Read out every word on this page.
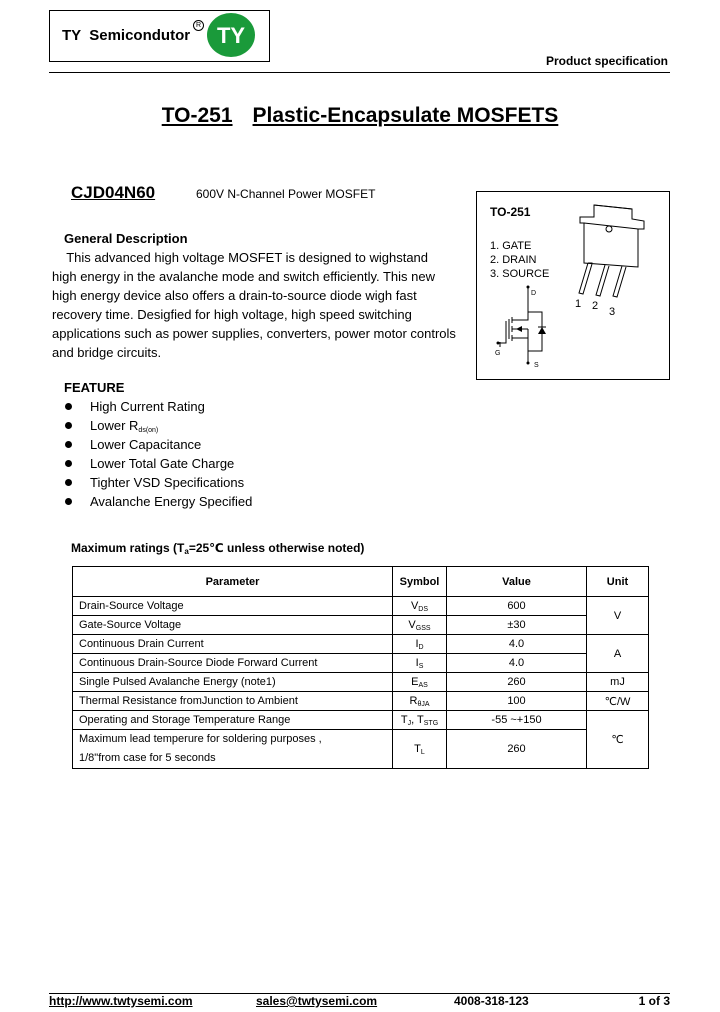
TY  Semicondutor
R TY
Product specification
TO-251 Plastic-Encapsulate MOSFETS
CJD04N60	600V N-Channel Power MOSFET
TO-251
1. GATE
2. DRAIN
3. SOURCE
1 2 3
D
G
S
General Description

This advanced high voltage MOSFET is designed to wighstand

high energy in the avalanche mode and switch efficiently. This new

high energy device also offers a drain-to-source diode wigh fast

recovery time. Desigfied for high voltage, high speed switching

applications such as power supplies, converters, power motor controls

and bridge circuits.

FEATURE
High Current Rating
Lower $R_{ds(on)}$
Lower Capacitance
Lower Total Gate Charge
Tighter VSD Specifications
Avalanche Energy Specified
Maximum ratings (Ta=25℃ unless otherwise noted)
Parameter	Symbol	Value	Unit
Drain-Source Voltage	VDS	600	V
Gate-Source Voltage	VGSS	±30	
Continuous Drain Current	ID	4.0	A
Continuous Drain-Source Diode Forward Current	IS	4.0	
Single Pulsed Avalanche Energy (note1)	EAS	260	mJ
Thermal Resistance fromJunction to Ambient	RθJA	100	℃/W
Operating and Storage Temperature Range	TJ, TSTG	-55 ~+150	℃
Maximum lead temperure for soldering purposes ,
1/8"from case for 5 seconds	TL	260	
http://www.twtysemi.com	sales@twtysemi.com	4008-318-123	1 of 3
